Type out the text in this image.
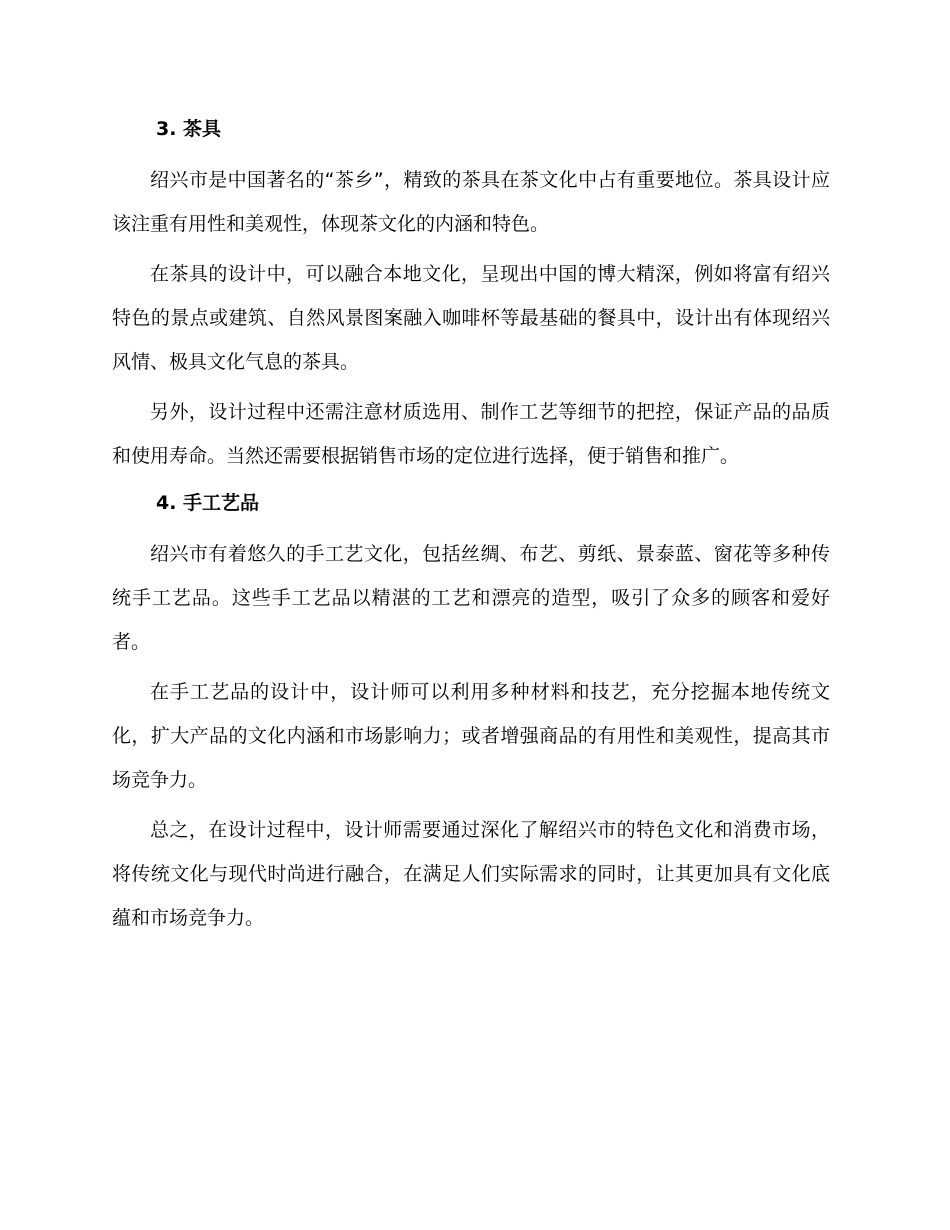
3. 茶具

绍兴市是中国著名的“茶乡”，精致的茶具在茶文化中占有重要地位。茶具设计应该注重有用性和美观性，体现茶文化的内涵和特色。

在茶具的设计中，可以融合本地文化，呈现出中国的博大精深，例如将富有绍兴特色的景点或建筑、自然风景图案融入咖啡杯等最基础的餐具中，设计出有体现绍兴风情、极具文化气息的茶具。

另外，设计过程中还需注意材质选用、制作工艺等细节的把控，保证产品的品质和使用寿命。当然还需要根据销售市场的定位进行选择，便于销售和推广。

4. 手工艺品

绍兴市有着悠久的手工艺文化，包括丝绸、布艺、剪纸、景泰蓝、窗花等多种传统手工艺品。这些手工艺品以精湛的工艺和漂亮的造型，吸引了众多的顾客和爱好者。

在手工艺品的设计中，设计师可以利用多种材料和技艺，充分挖掘本地传统文化，扩大产品的文化内涵和市场影响力；或者增强商品的有用性和美观性，提高其市场竞争力。

总之，在设计过程中，设计师需要通过深化了解绍兴市的特色文化和消费市场，将传统文化与现代时尚进行融合，在满足人们实际需求的同时，让其更加具有文化底蕴和市场竞争力。
